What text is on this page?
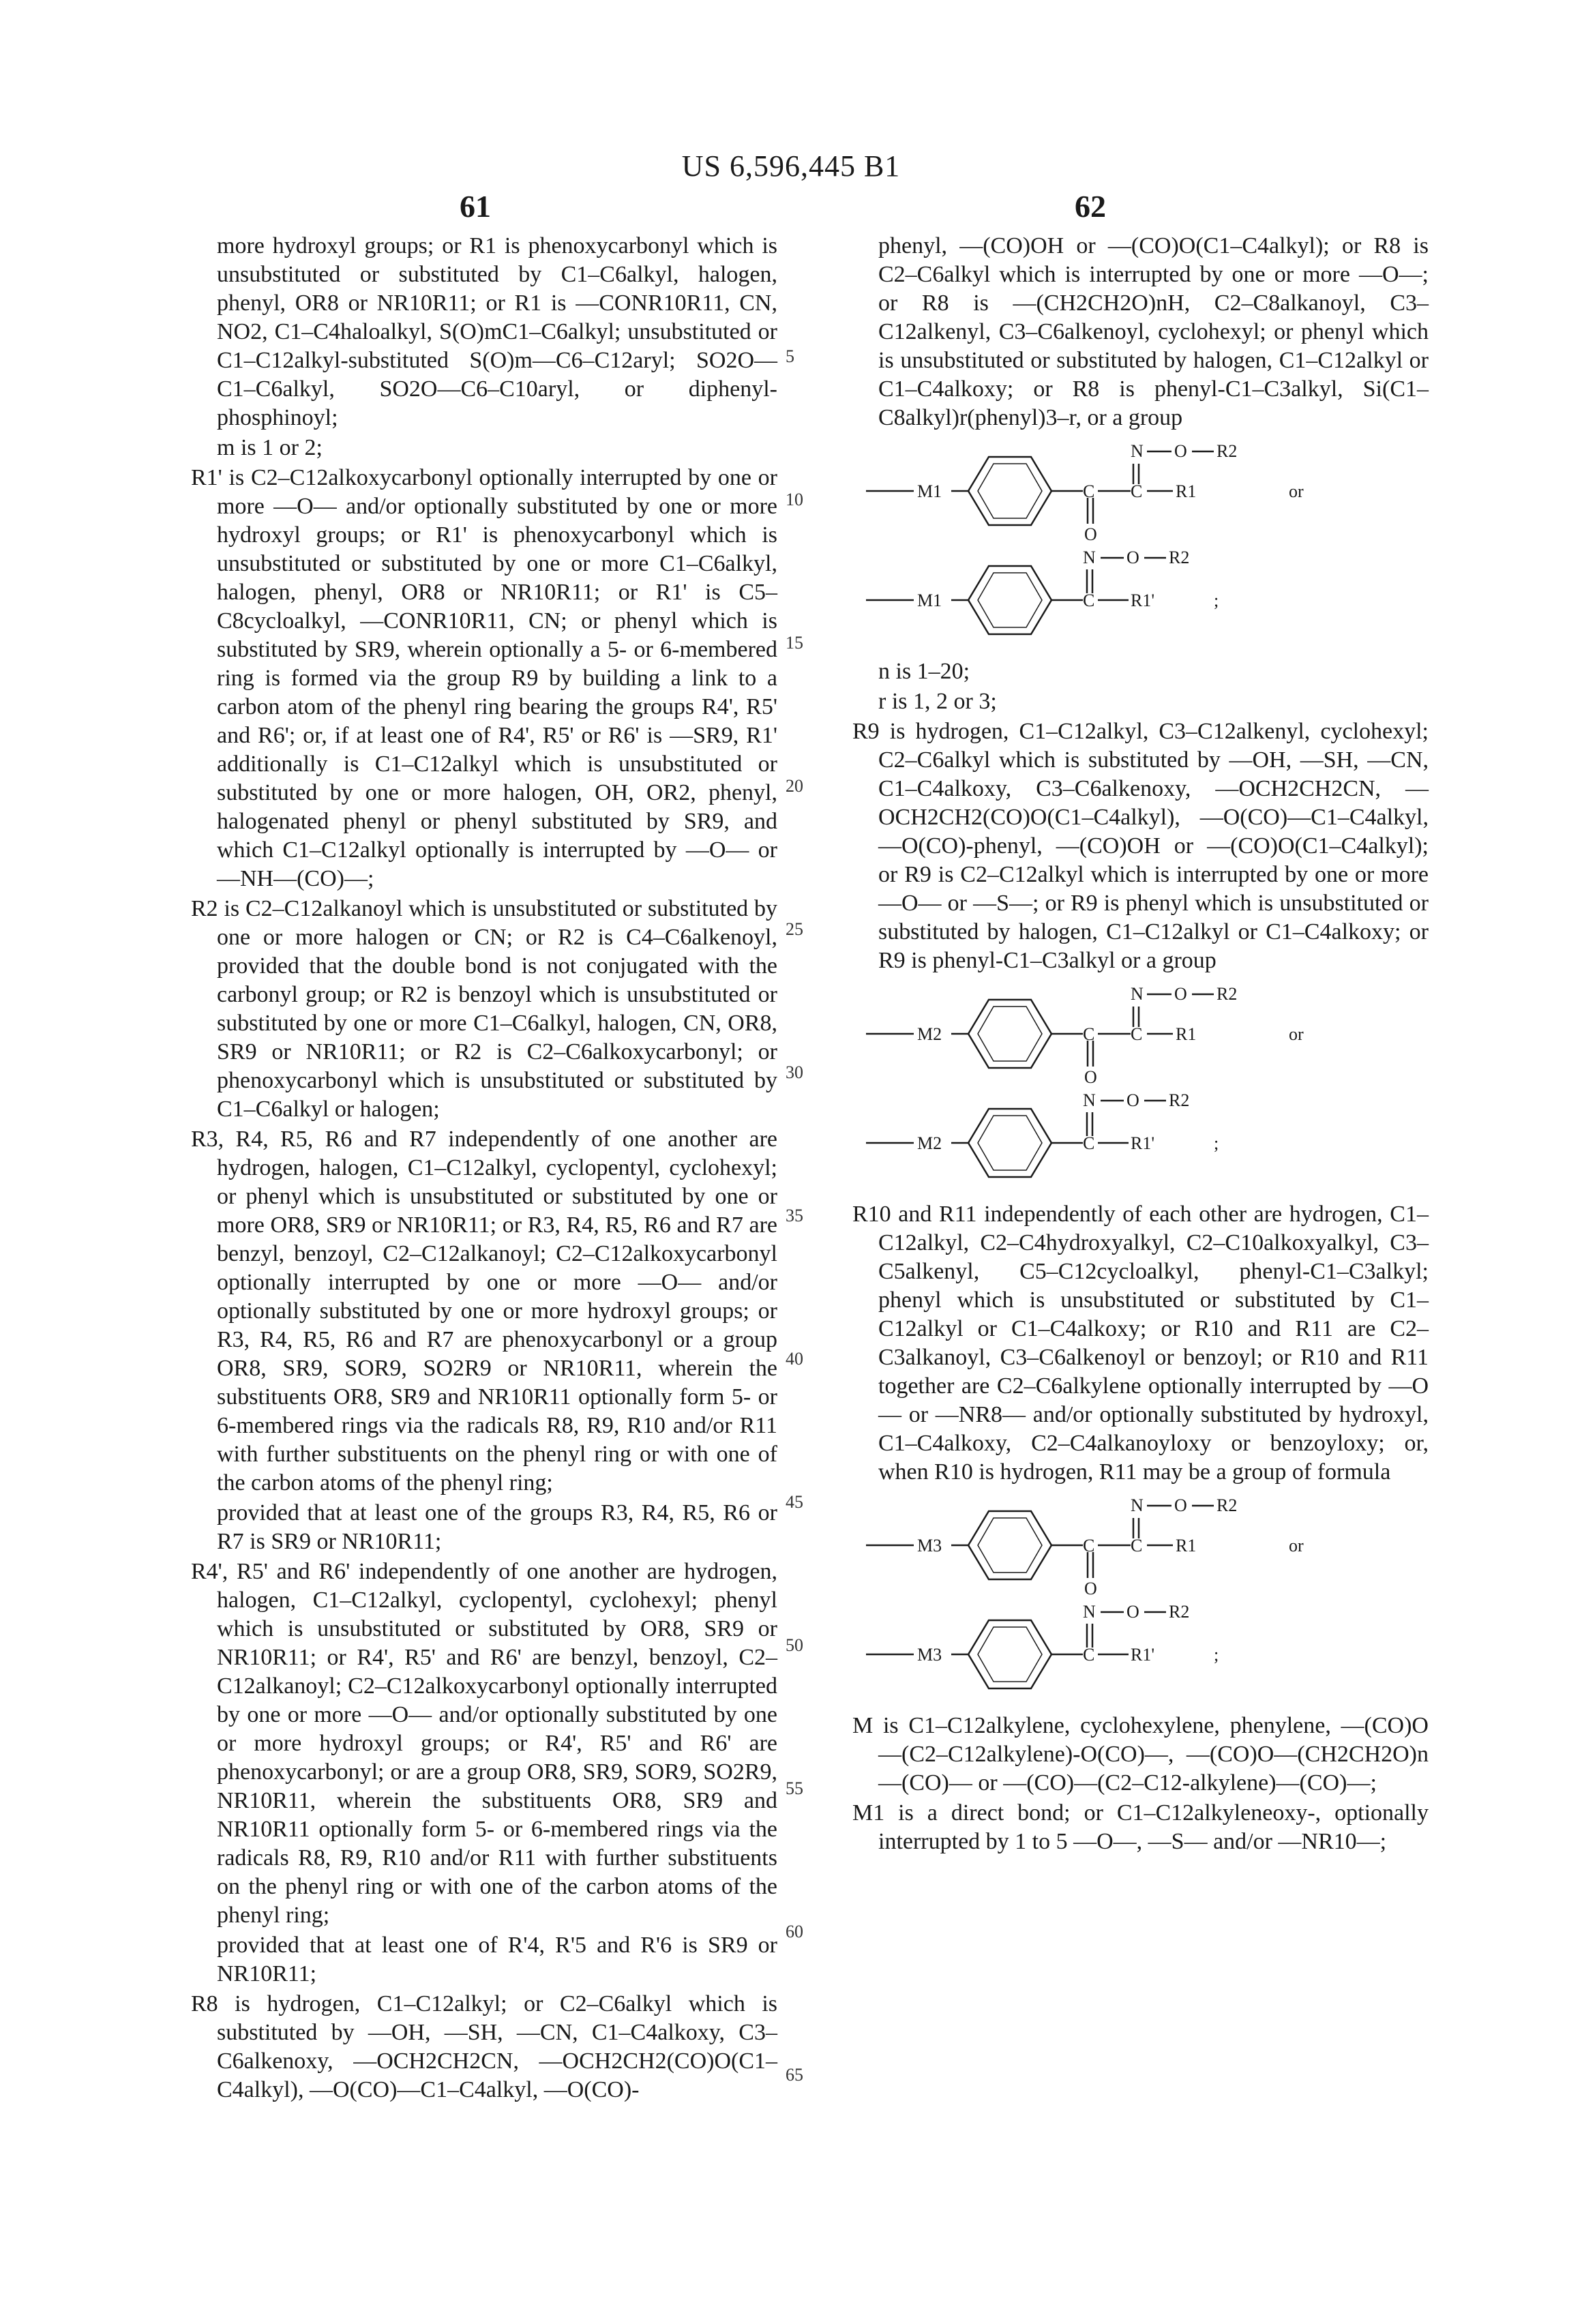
US 6,596,445 B1
61	62
5
10
15
20
25
30
35
40
45
50
55
60
65

more hydroxyl groups; or R1 is phenoxycarbonyl which is unsubstituted or substituted by C1–C6alkyl, halogen, phenyl, OR8 or NR10R11; or R1 is —CONR10R11, CN, NO2, C1–C4haloalkyl, S(O)mC1–C6alkyl; unsubstituted or C1–C12alkyl-substituted S(O)m—C6–C12aryl; SO2O—C1–C6alkyl, SO2O—C6–C10aryl, or diphenyl-phosphinoyl;

m is 1 or 2;

R1' is C2–C12alkoxycarbonyl optionally interrupted by one or more —O— and/or optionally substituted by one or more hydroxyl groups; or R1' is phenoxycarbonyl which is unsubstituted or substituted by one or more C1–C6alkyl, halogen, phenyl, OR8 or NR10R11; or R1' is C5–C8cycloalkyl, —CONR10R11, CN; or phenyl which is substituted by SR9, wherein optionally a 5- or 6-membered ring is formed via the group R9 by building a link to a carbon atom of the phenyl ring bearing the groups R4', R5' and R6'; or, if at least one of R4', R5' or R6' is —SR9, R1' additionally is C1–C12alkyl which is unsubstituted or substituted by one or more halogen, OH, OR2, phenyl, halogenated phenyl or phenyl substituted by SR9, and which C1–C12alkyl optionally is interrupted by —O— or —NH—(CO)—;

R2 is C2–C12alkanoyl which is unsubstituted or substituted by one or more halogen or CN; or R2 is C4–C6alkenoyl, provided that the double bond is not conjugated with the carbonyl group; or R2 is benzoyl which is unsubstituted or substituted by one or more C1–C6alkyl, halogen, CN, OR8, SR9 or NR10R11; or R2 is C2–C6alkoxycarbonyl; or phenoxycarbonyl which is unsubstituted or substituted by C1–C6alkyl or halogen;

R3, R4, R5, R6 and R7 independently of one another are hydrogen, halogen, C1–C12alkyl, cyclopentyl, cyclohexyl; or phenyl which is unsubstituted or substituted by one or more OR8, SR9 or NR10R11; or R3, R4, R5, R6 and R7 are benzyl, benzoyl, C2–C12alkanoyl; C2–C12alkoxycarbonyl optionally interrupted by one or more —O— and/or optionally substituted by one or more hydroxyl groups; or R3, R4, R5, R6 and R7 are phenoxycarbonyl or a group OR8, SR9, SOR9, SO2R9 or NR10R11, wherein the substituents OR8, SR9 and NR10R11 optionally form 5- or 6-membered rings via the radicals R8, R9, R10 and/or R11 with further substituents on the phenyl ring or with one of the carbon atoms of the phenyl ring;

provided that at least one of the groups R3, R4, R5, R6 or R7 is SR9 or NR10R11;

R4', R5' and R6' independently of one another are hydrogen, halogen, C1–C12alkyl, cyclopentyl, cyclohexyl; phenyl which is unsubstituted or substituted by OR8, SR9 or NR10R11; or R4', R5' and R6' are benzyl, benzoyl, C2–C12alkanoyl; C2–C12alkoxycarbonyl optionally interrupted by one or more —O— and/or optionally substituted by one or more hydroxyl groups; or R4', R5' and R6' are phenoxycarbonyl; or are a group OR8, SR9, SOR9, SO2R9, NR10R11, wherein the substituents OR8, SR9 and NR10R11 optionally form 5- or 6-membered rings via the radicals R8, R9, R10 and/or R11 with further substituents on the phenyl ring or with one of the carbon atoms of the phenyl ring;

provided that at least one of R'4, R'5 and R'6 is SR9 or NR10R11;

R8 is hydrogen, C1–C12alkyl; or C2–C6alkyl which is substituted by —OH, —SH, —CN, C1–C4alkoxy, C3–C6alkenoxy, —OCH2CH2CN, —OCH2CH2(CO)O(C1–C4alkyl), —O(CO)—C1–C4alkyl, —O(CO)-

phenyl, —(CO)OH or —(CO)O(C1–C4alkyl); or R8 is C2–C6alkyl which is interrupted by one or more —O—; or R8 is —(CH2CH2O)nH, C2–C8alkanoyl, C3–C12alkenyl, C3–C6alkenoyl, cyclohexyl; or phenyl which is unsubstituted or substituted by halogen, C1–C12alkyl or C1–C4alkoxy; or R8 is phenyl-C1–C3alkyl, Si(C1–C8alkyl)r(phenyl)3–r, or a group

M1	C C
N O R2
R1
O
or
M1	C
N O R2
R1'	;

n is 1–20;

r is 1, 2 or 3;

R9 is hydrogen, C1–C12alkyl, C3–C12alkenyl, cyclohexyl; C2–C6alkyl which is substituted by —OH, —SH, —CN, C1–C4alkoxy, C3–C6alkenoxy, —OCH2CH2CN, —OCH2CH2(CO)O(C1–C4alkyl), —O(CO)—C1–C4alkyl, —O(CO)-phenyl, —(CO)OH or —(CO)O(C1–C4alkyl); or R9 is C2–C12alkyl which is interrupted by one or more —O— or —S—; or R9 is phenyl which is unsubstituted or substituted by halogen, C1–C12alkyl or C1–C4alkoxy; or R9 is phenyl-C1–C3alkyl or a group

M2	C C
N O R2
R1
O
or
M2	C
N O R2
R1'	;

R10 and R11 independently of each other are hydrogen, C1–C12alkyl, C2–C4hydroxyalkyl, C2–C10alkoxyalkyl, C3–C5alkenyl, C5–C12cycloalkyl, phenyl-C1–C3alkyl; phenyl which is unsubstituted or substituted by C1–C12alkyl or C1–C4alkoxy; or R10 and R11 are C2–C3alkanoyl, C3–C6alkenoyl or benzoyl; or R10 and R11 together are C2–C6alkylene optionally interrupted by —O— or —NR8— and/or optionally substituted by hydroxyl, C1–C4alkoxy, C2–C4alkanoyloxy or benzoyloxy; or, when R10 is hydrogen, R11 may be a group of formula

M3	C C
N O R2
R1
O
or
M3	C
N O R2
R1'	;

M is C1–C12alkylene, cyclohexylene, phenylene, —(CO)O—(C2–C12alkylene)-O(CO)—, —(CO)O—(CH2CH2O)n—(CO)— or —(CO)—(C2–C12-alkylene)—(CO)—;

M1 is a direct bond; or C1–C12alkyleneoxy-, optionally interrupted by 1 to 5 —O—, —S— and/or —NR10—;
